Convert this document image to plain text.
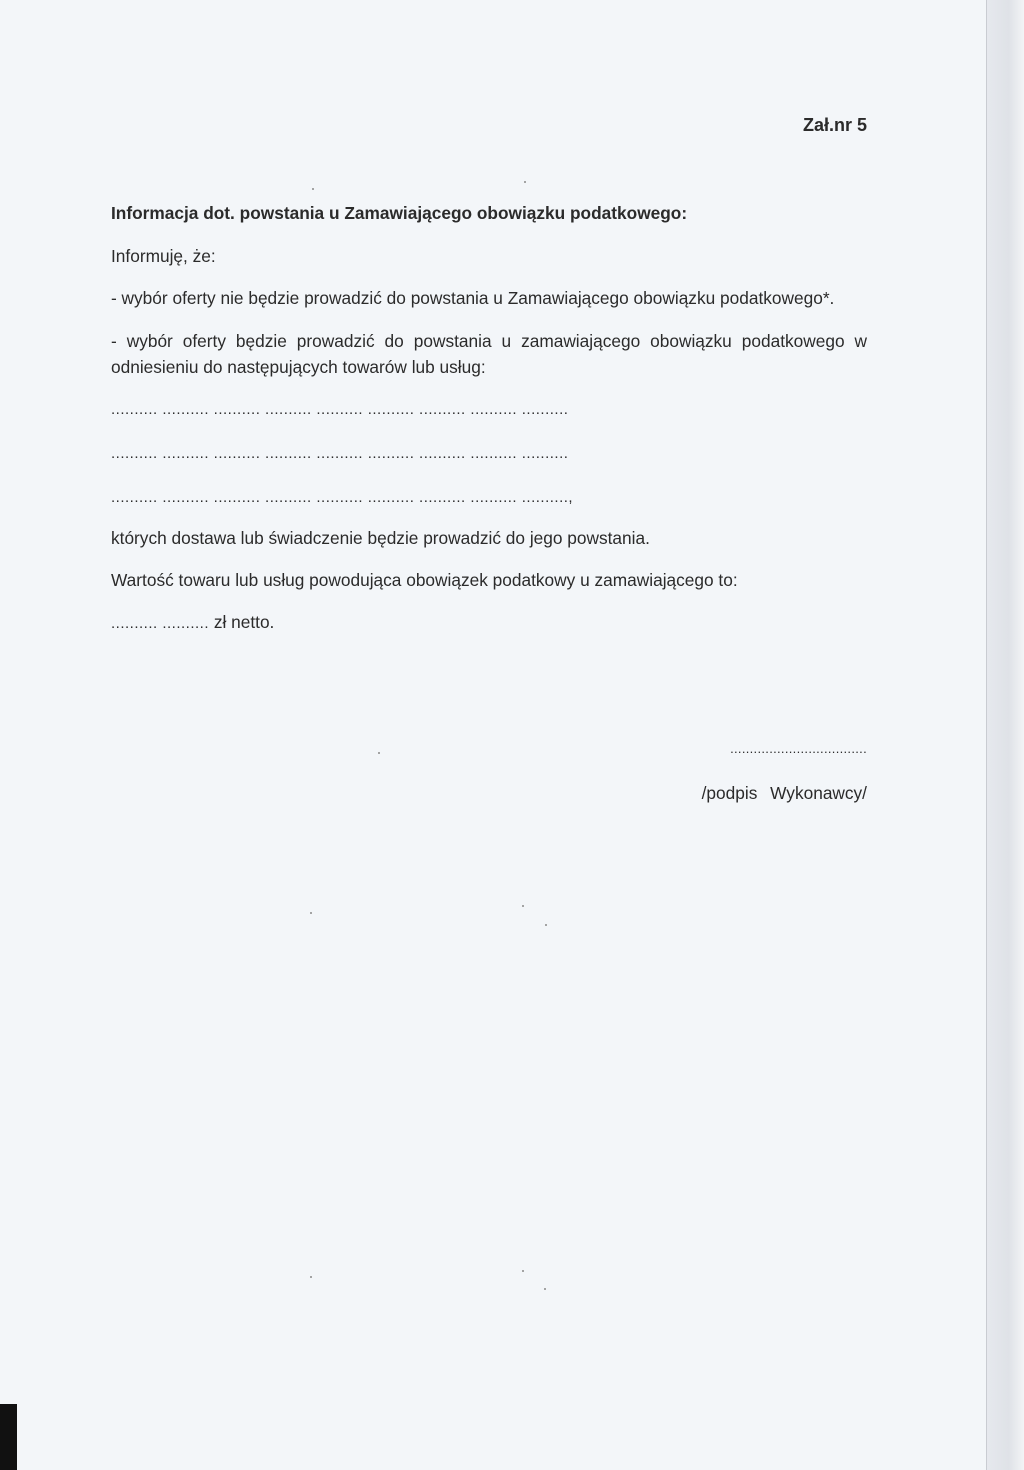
Zał.nr 5
Informacja dot. powstania u Zamawiającego obowiązku podatkowego:
Informuję, że:
- wybór oferty nie będzie prowadzić do powstania u Zamawiającego obowiązku podatkowego*.
- wybór oferty będzie prowadzić do powstania u zamawiającego obowiązku podatkowego w odniesieniu do następujących towarów lub usług:
.......... .......... .......... .......... .......... .......... .......... .......... ..........
.......... .......... .......... .......... .......... .......... .......... .......... ..........
.......... .......... .......... .......... .......... .......... .......... .......... ..........,
których dostawa lub świadczenie będzie prowadzić do jego powstania.
Wartość towaru lub usług powodująca obowiązek podatkowy u zamawiającego to:
.......... .......... zł netto.
...................................
/podpis Wykonawcy/
